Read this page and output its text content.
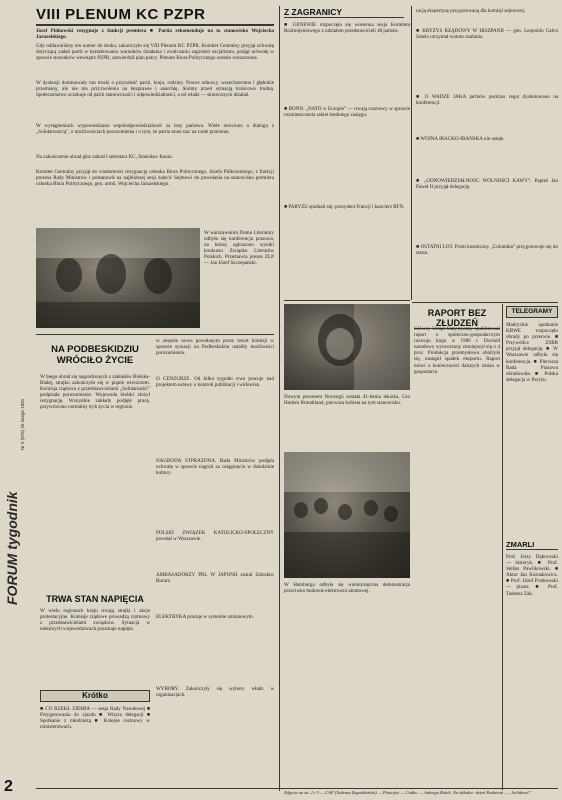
FORUM tygodnik
Nr 9 (876) 26 lutego 1981
VIII PLENUM KC PZPR
Józef Pińkowski rezygnuje z funkcji premiera ■ Partia rekomenduje na to stanowisko Wojciecha Jaruzelskiego.
Gdy oddawaliśmy ten numer do druku, zakończyło się VIII Plenum KC PZPR. Komitet Centralny przyjął uchwałę dotyczącą zadań partii w kształtowaniu warunków działania i zwalczaniu zagrożeń socjalizmu, podjął uchwałę w sprawie stosunków wewnątrz PZPR, zatwierdził plan pracy. Plenum Biura Politycznego zostało rozszerzone.
W dyskusji dominowały ton troski o przyszłość partii, kraju, rodziny. Proces odnowy, wszechstronne i głębokie przemiany, ale nie ma przyzwolenia na bezprawie i anarchię. Stoimy przed sytuacją krańcowo trudną. Społeczeństwo oczekuje od partii stanowczości i odpowiedzialności, a od władz — skutecznych działań.
W wystąpieniach wypowiedziano współodpowiedzialność za losy państwa. Wiele mówiono o dialogu z „Solidarnością”, o możliwościach porozumienia i o tym, że partia musi stać na czele przemian.
Na zakończenie obrad głos zabrał I sekretarz KC, Stanisław Kania.
Komitet Centralny przyjął do wiadomości rezygnację członka Biura Politycznego, Józefa Pińkowskiego, z funkcji prezesa Rady Ministrów i postanowił na najbliższej sesji zalecić Sejmowi do powołania na stanowisko premiera członka Biura Politycznego, gen. armii, Wojciecha Jaruzelskiego.
W warszawskim Domu Literatury odbyło się konferencja prasowa, na której ogłoszono wyniki konkursu Związku Literatów Polskich. Przemawia prezes ZLP — Jan Józef Szczepański.
NA PODBESKIDZIU WRÓCIŁO ŻYCIE
W biegu obrad się nagrodzonych z zakładów Bielska-Białej, strajku zakończyło się w piątek wieczorem. Komisja rządowa z przedstawicielami „Solidarności” podpisała porozumienie. Wojewoda bielski złożył rezygnację. Wszystkie zakłady podjęły pracę, przywrócono normalny tryb życia w regionie.
TRWA STAN NAPIĘCIA
W wielu regionach kraju trwają strajki i akcje protestacyjne. Komisje rządowe prowadzą rozmowy z przedstawicielami związków. Sytuacja w niektórych województwach pozostaje napięta.
Krótko
■ CO RZEKŁ ZIEMIA — sesja Rady Narodowej ■ Przygotowania do zjazdu ■ Wizyta delegacji ■ Spotkanie z młodzieżą ■ Kolejne rozmowy w ministerstwach.
w zespole nowo powołanym przez resort komisji w sprawie sytuacji na Podbeskidziu ustaliły możliwości porozumienia.
O CENZURZE. Od kilku tygodni trwa pracuje nad projektem ustawy o kontroli publikacji i widowisk.
NAGRODA STPRAZDNA. Rada Ministrów podjęła uchwałę w sprawie nagród za osiągnięcia w dziedzinie kultury.
POLSKI ZWIĄZEK KATOLICKO-SPOŁECZNY powstał w Warszawie.
AMBASADORZY PRL W JAPONII został Zdzisław Rurarz.
ELEKTRYKA pracuje w systemie zmianowym.
WYBORY. Zakończyły się wybory władz w organizacjach.
Z ZAGRANICY
■ GENEWIE rozpoczęła się wiosenna sesja Komitetu Rozbrojeniowego z udziałem przedstawicieli 40 państw.
■ BONN. „NATO w Europie” — trwają rozmowy w sprawie rozmieszczenia rakiet średniego zasięgu.
■ PARYŻU spotkali się: prezydent Francji i kanclerz RFN.
Nowym prezesem Norwegii została 41-letnia lekarka, Gro Harlem Brundtland, pierwsza kobieta na tym stanowisku.
W Hamburgu odbyła się wielotysięczna demonstracja przeciwko budowie elektrowni atomowej.
RAPORT BEZ ZŁUDZEŃ
Główny Urząd Statystyczny opublikował raport o społeczno-gospodarczym rozwoju kraju w 1980 r. Dochód narodowy wytworzony zmniejszył się o 4 proc. Produkcja przemysłowa obniżyła się, nastąpił spadek eksportu. Raport mówi o konieczności dalszych zmian w gospodarce.
racją ekspertyzę przygotowaną dla komisji sejmowej.
■ KRYZYS RZĄDOWY W HISZPANII — gen. Leopoldo Calvo Sotelo otrzymał wotum zaufania.
■ O WADZE JAKA jachtów podczas regat dyskutowano na konferencji.
■ WOJNA IRACKO-IRAŃSKA nie ustaje.
■ „ODNOWIEDZIAŁNOŚĆ WOLNOŚCI KAWY”. Papież Jan Paweł II przyjął delegację.
■ OSTATNI LOT. Prom kosmiczny „Columbia” przygotowuje się do startu.
TELEGRAMY
Madryckie spotkanie KBWE rozpoczęło obrady po przerwie. ■ Przywódca ZSRR przyjął delegację. ■ W Warszawie odbyła się konferencja. ■ Pierwsza Rada Prasowa obradowała. ■ Polska delegacja w Paryżu.
ZMARLI
Prof. Jerzy Dąbrowski — historyk. ■ Prof. Stefan Pawlikowski. ■ Aktor Jan Kurnakowicz. ■ Prof. Józef Prutkowski — pisarz. ■ Prof. Tadeusz Zak.
2	Zdjęcia na str. 2 i 3 — CAF (Tadeusz Zagoździński) — Photofox — Ciałko — Jadwiga Rubik. Na okładce: dzień Rodzenia — „Solidarni”
